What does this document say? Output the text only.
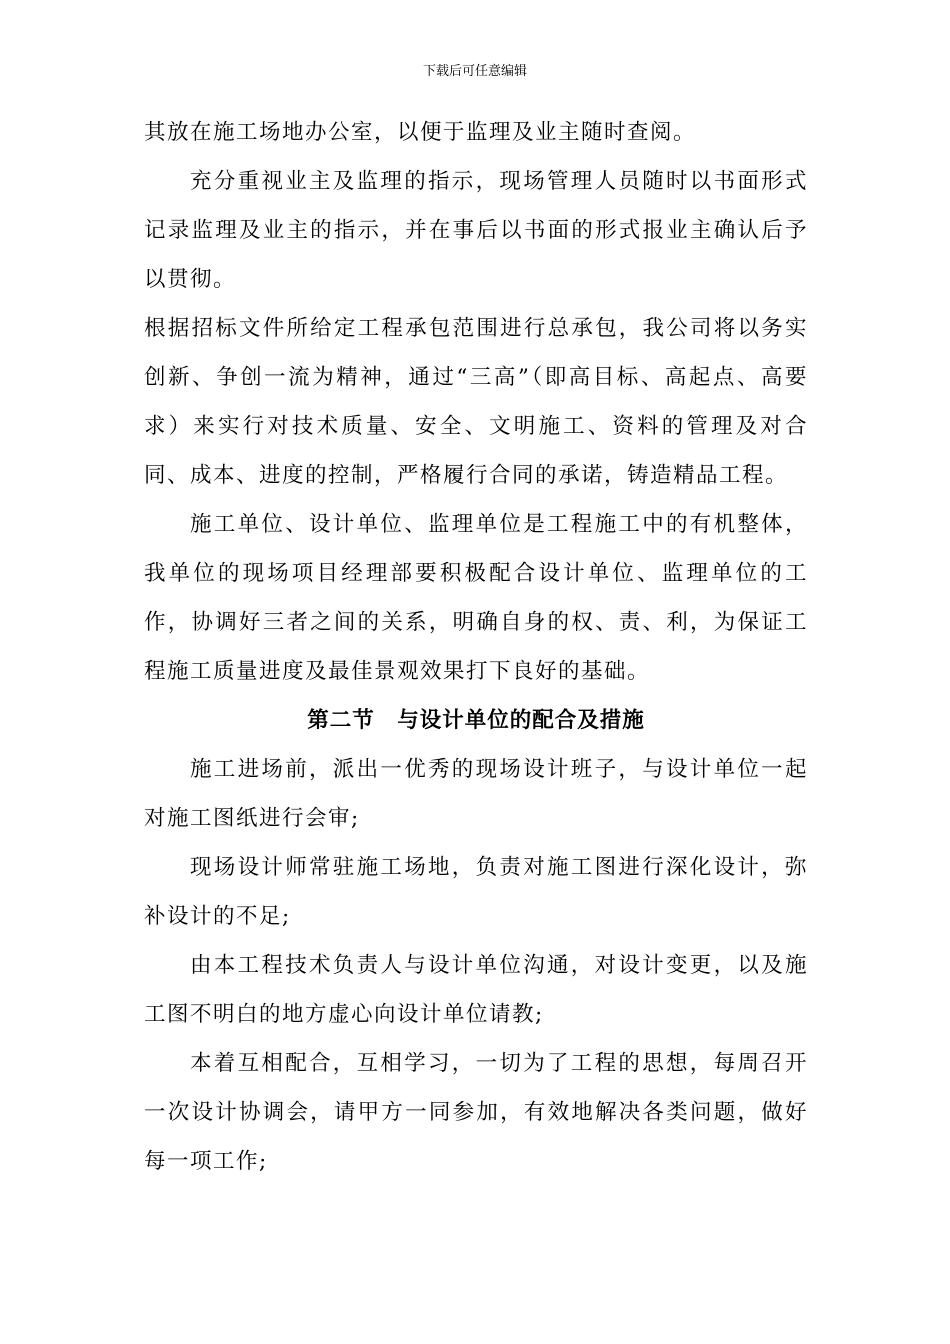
下载后可任意编辑

其放在施工场地办公室，以便于监理及业主随时查阅。

充分重视业主及监理的指示，现场管理人员随时以书面形式记录监理及业主的指示，并在事后以书面的形式报业主确认后予以贯彻。

根据招标文件所给定工程承包范围进行总承包，我公司将以务实创新、争创一流为精神，通过“三高”（即高目标、高起点、高要求）来实行对技术质量、安全、文明施工、资料的管理及对合同、成本、进度的控制，严格履行合同的承诺，铸造精品工程。

施工单位、设计单位、监理单位是工程施工中的有机整体，我单位的现场项目经理部要积极配合设计单位、监理单位的工作，协调好三者之间的关系，明确自身的权、责、利，为保证工程施工质量进度及最佳景观效果打下良好的基础。

第二节　与设计单位的配合及措施

施工进场前，派出一优秀的现场设计班子，与设计单位一起对施工图纸进行会审;

现场设计师常驻施工场地，负责对施工图进行深化设计，弥补设计的不足;

由本工程技术负责人与设计单位沟通，对设计变更，以及施工图不明白的地方虚心向设计单位请教;

本着互相配合，互相学习，一切为了工程的思想，每周召开一次设计协调会，请甲方一同参加，有效地解决各类问题，做好每一项工作;
